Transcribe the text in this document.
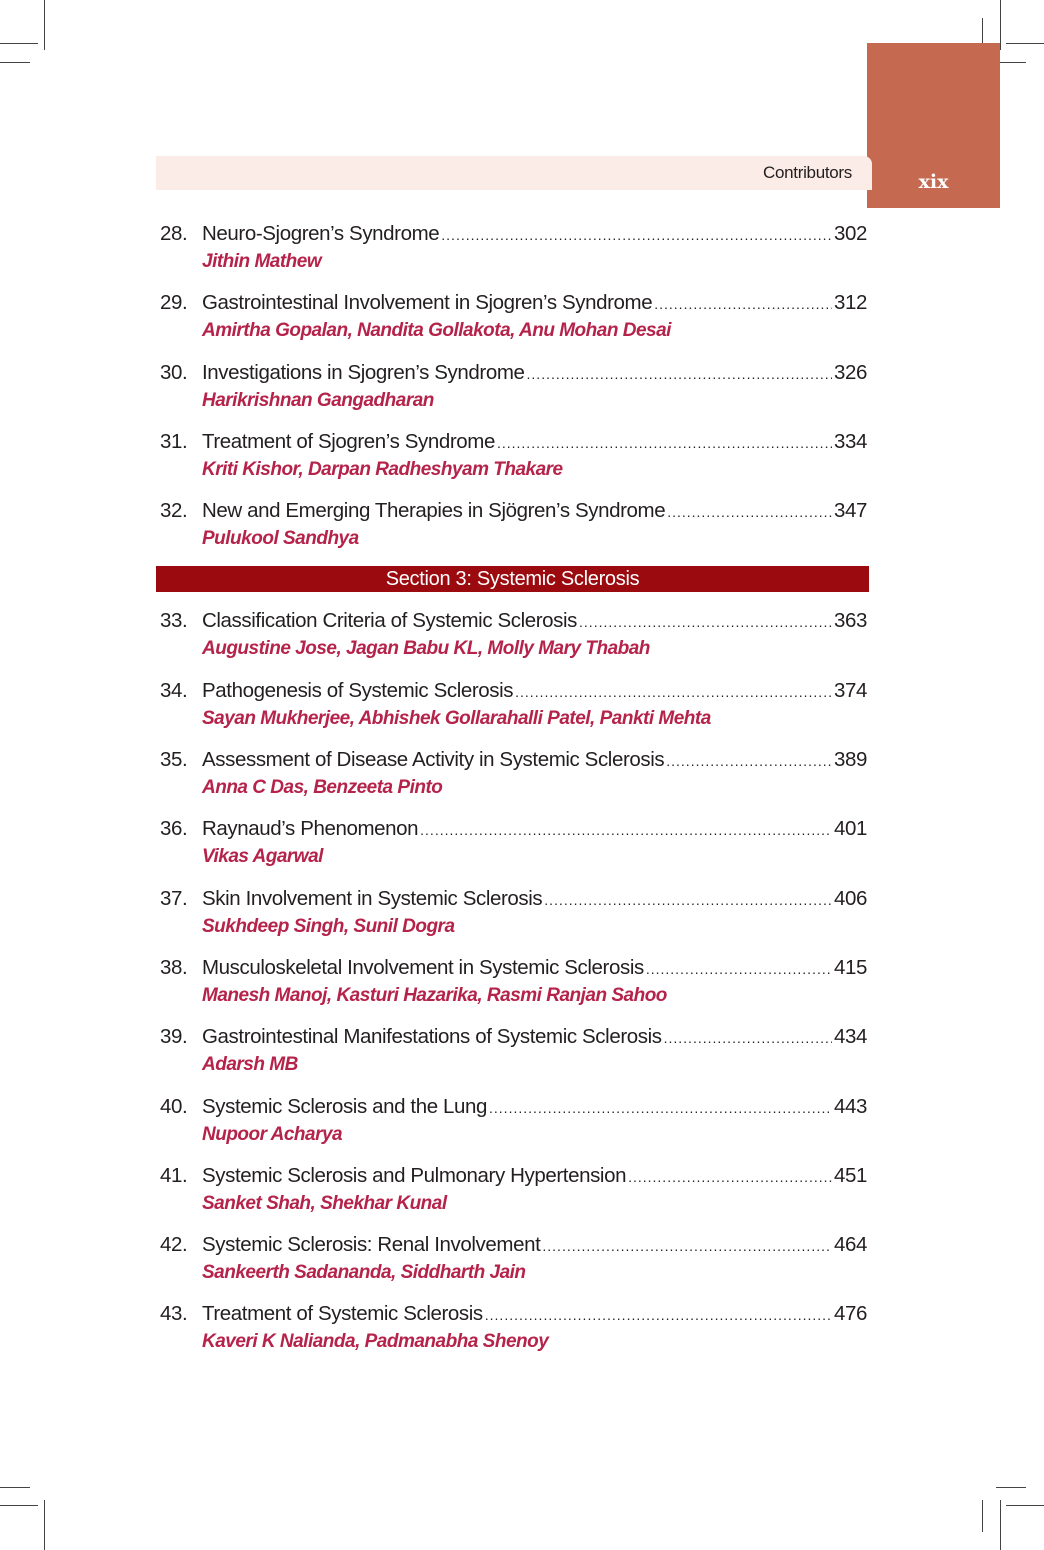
xix
Contributors
28. Neuro-Sjogren’s Syndrome .....	302
Jithin Mathew
29. Gastrointestinal Involvement in Sjogren’s Syndrome .....	312
Amirtha Gopalan, Nandita Gollakota, Anu Mohan Desai
30. Investigations in Sjogren’s Syndrome .....	326
Harikrishnan Gangadharan
31. Treatment of Sjogren’s Syndrome .....	334
Kriti Kishor, Darpan Radheshyam Thakare
32. New and Emerging Therapies in Sjögren’s Syndrome .....	347
Pulukool Sandhya
Section 3: Systemic Sclerosis
33. Classification Criteria of Systemic Sclerosis .....	363
Augustine Jose, Jagan Babu KL, Molly Mary Thabah
34. Pathogenesis of Systemic Sclerosis .....	374
Sayan Mukherjee, Abhishek Gollarahalli Patel, Pankti Mehta
35. Assessment of Disease Activity in Systemic Sclerosis .....	389
Anna C Das, Benzeeta Pinto
36. Raynaud’s Phenomenon .....	401
Vikas Agarwal
37. Skin Involvement in Systemic Sclerosis .....	406
Sukhdeep Singh, Sunil Dogra
38. Musculoskeletal Involvement in Systemic Sclerosis .....	415
Manesh Manoj, Kasturi Hazarika, Rasmi Ranjan Sahoo
39. Gastrointestinal Manifestations of Systemic Sclerosis .....	434
Adarsh MB
40. Systemic Sclerosis and the Lung .....	443
Nupoor Acharya
41. Systemic Sclerosis and Pulmonary Hypertension .....	451
Sanket Shah, Shekhar Kunal
42. Systemic Sclerosis: Renal Involvement .....	464
Sankeerth Sadananda, Siddharth Jain
43. Treatment of Systemic Sclerosis .....	476
Kaveri K Nalianda, Padmanabha Shenoy
